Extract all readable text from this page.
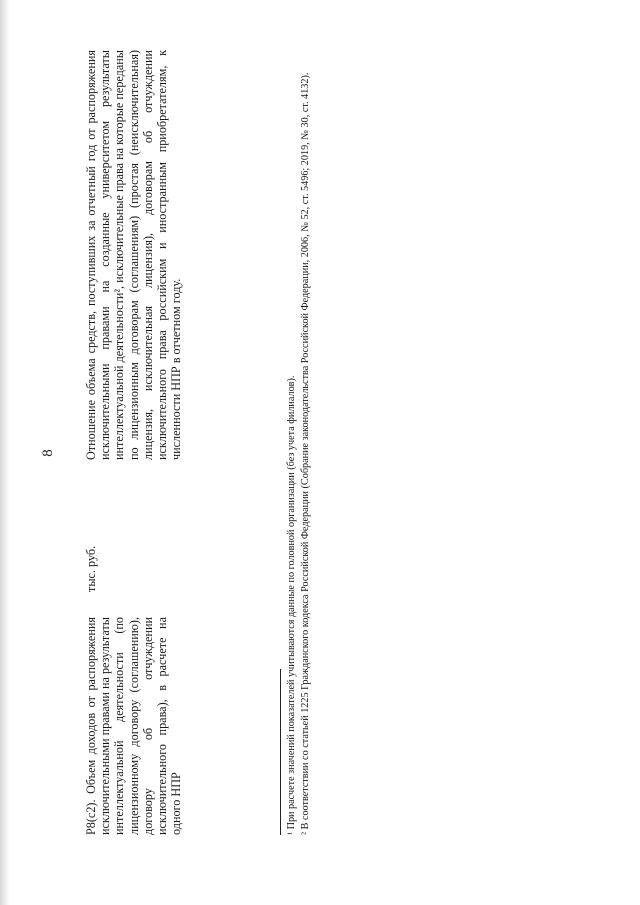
8

P8(c2). Объем доходов от распоряжения исключительными правами на результаты интеллектуальной деятельности (по лицензионному договору (соглашению), договору об отчуждении исключительного права), в расчете на одного НПР

тыс. руб.

Отношение объема средств, поступивших за отчетный год от распоряжения исключительными правами на созданные университетом результаты интеллектуальной деятельности², исключительные права на которые переданы по лицензионным договорам (соглашениям) (простая (неисключительная) лицензия, исключительная лицензия), договорам об отчуждении исключительного права российским и иностранным приобретателям, к численности НПР в отчетном году.

¹ При расчете значений показателей учитываются данные по головной организации (без учета филиалов). ² В соответствии со статьей 1225 Гражданского кодекса Российской Федерации (Собрание законодательства Российской Федерации, 2006, № 52, ст. 5496; 2019, № 30, ст. 4132).
